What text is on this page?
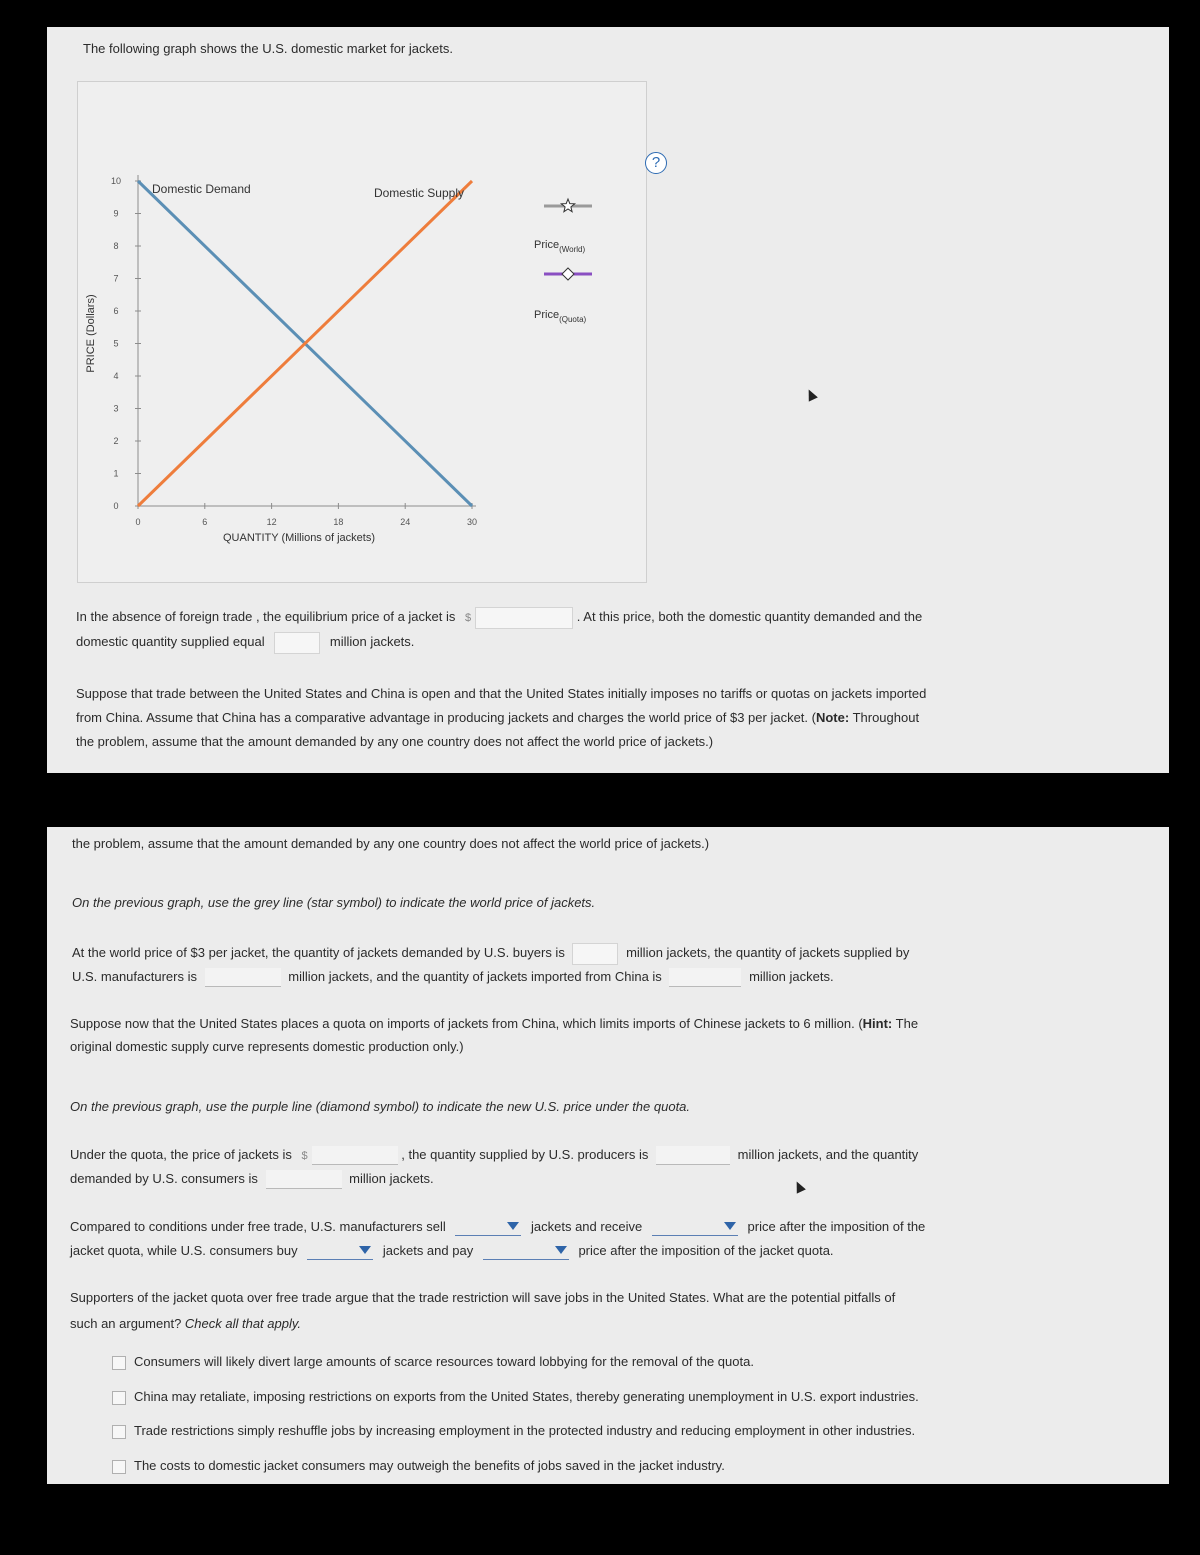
The following graph shows the U.S. domestic market for jackets.
?
0
1
2
3
4
5
6
7
8
9
10
0	6	12	18	24	30
QUANTITY (Millions of jackets)
PRICE (Dollars)
Domestic Demand	Domestic Supply
Price$_{(World)}$
Price$_{(Quota)}$
In the absence of foreign trade , the equilibrium price of a jacket is $	. At this price, both the domestic quantity demanded and the
domestic quantity supplied equal	million jackets.
Suppose that trade between the United States and China is open and that the United States initially imposes no tariffs or quotas on jackets imported
from China. Assume that China has a comparative advantage in producing jackets and charges the world price of $3 per jacket. (Note: Throughout
the problem, assume that the amount demanded by any one country does not affect the world price of jackets.)
the problem, assume that the amount demanded by any one country does not affect the world price of jackets.)
On the previous graph, use the grey line (star symbol) to indicate the world price of jackets.
At the world price of $3 per jacket, the quantity of jackets demanded by U.S. buyers is	million jackets, the quantity of jackets supplied by
U.S. manufacturers is	million jackets, and the quantity of jackets imported from China is	million jackets.
Suppose now that the United States places a quota on imports of jackets from China, which limits imports of Chinese jackets to 6 million. (Hint: The
original domestic supply curve represents domestic production only.)
On the previous graph, use the purple line (diamond symbol) to indicate the new U.S. price under the quota.
Under the quota, the price of jackets is $	, the quantity supplied by U.S. producers is	million jackets, and the quantity
demanded by U.S. consumers is	million jackets.
Compared to conditions under free trade, U.S. manufacturers sell	jackets and receive	price after the imposition of the
jacket quota, while U.S. consumers buy	jackets and pay	price after the imposition of the jacket quota.
Supporters of the jacket quota over free trade argue that the trade restriction will save jobs in the United States. What are the potential pitfalls of
such an argument? Check all that apply.
Consumers will likely divert large amounts of scarce resources toward lobbying for the removal of the quota.
China may retaliate, imposing restrictions on exports from the United States, thereby generating unemployment in U.S. export industries.
Trade restrictions simply reshuffle jobs by increasing employment in the protected industry and reducing employment in other industries.
The costs to domestic jacket consumers may outweigh the benefits of jobs saved in the jacket industry.
